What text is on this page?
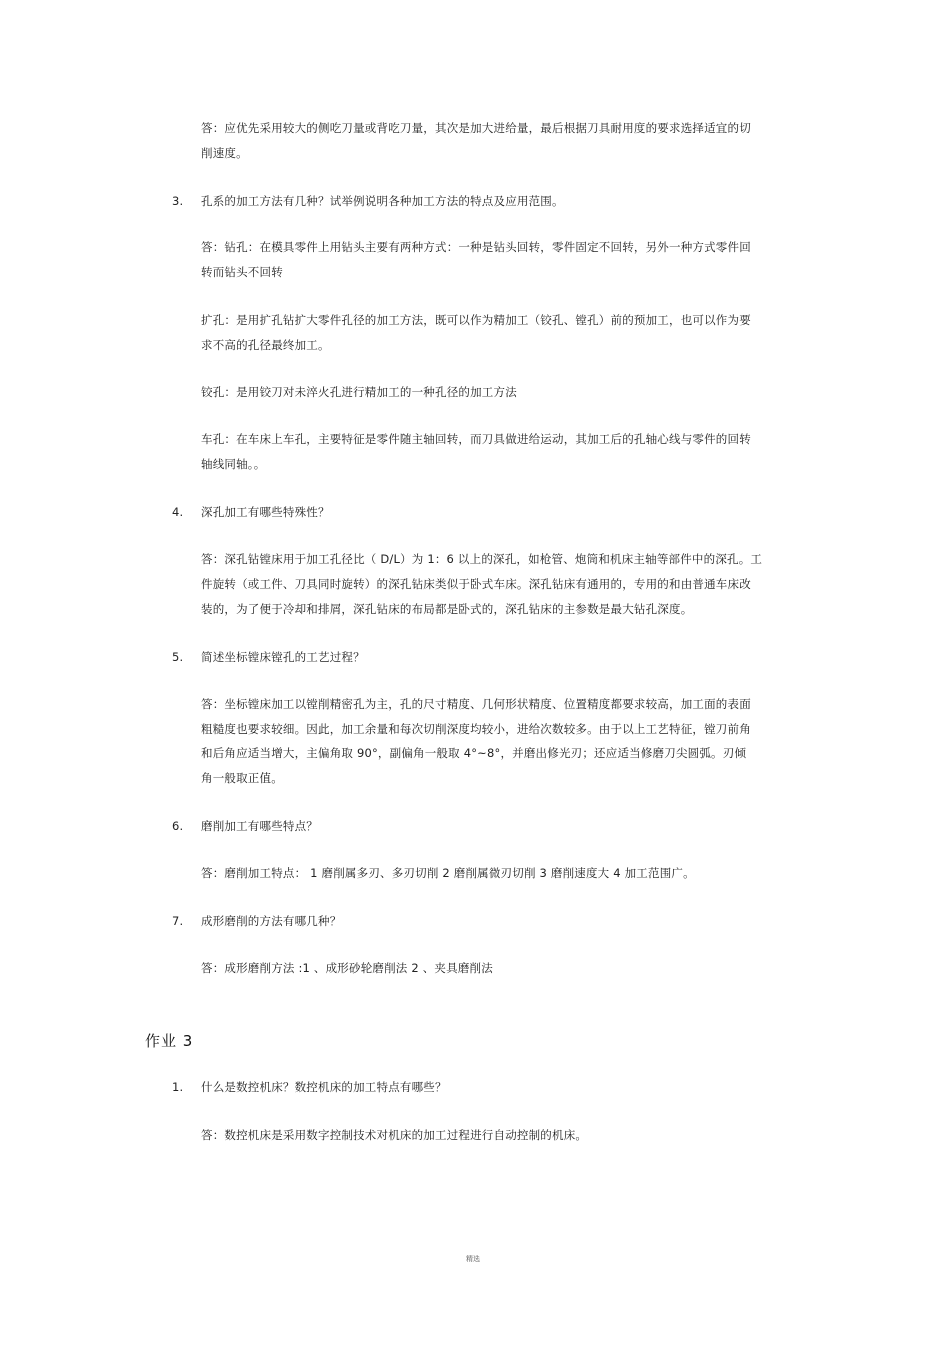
答：应优先采用较大的侧吃刀量或背吃刀量，其次是加大进给量，最后根据刀具耐用度的要求选择适宜的切
削速度。
3. 孔系的加工方法有几种？试举例说明各种加工方法的特点及应用范围。
答：钻孔：在模具零件上用钻头主要有两种方式：一种是钻头回转，零件固定不回转，另外一种方式零件回
转而钻头不回转
扩孔：是用扩孔钻扩大零件孔径的加工方法，既可以作为精加工（铰孔、镗孔）前的预加工，也可以作为要
求不高的孔径最终加工。
铰孔：是用铰刀对未淬火孔进行精加工的一种孔径的加工方法
车孔：在车床上车孔，主要特征是零件随主轴回转，而刀具做进给运动，其加工后的孔轴心线与零件的回转
轴线同轴。。
4. 深孔加工有哪些特殊性？
答：深孔钻镗床用于加工孔径比（ D/L）为 1：6 以上的深孔，如枪管、炮筒和机床主轴等部件中的深孔。工
件旋转（或工件、刀具同时旋转）的深孔钻床类似于卧式车床。深孔钻床有通用的，专用的和由普通车床改
装的，为了便于冷却和排屑，深孔钻床的布局都是卧式的，深孔钻床的主参数是最大钻孔深度。
5. 简述坐标镗床镗孔的工艺过程？
答：坐标镗床加工以镗削精密孔为主，孔的尺寸精度、几何形状精度、位置精度都要求较高，加工面的表面
粗糙度也要求较细。因此，加工余量和每次切削深度均较小，进给次数较多。由于以上工艺特征，镗刀前角
和后角应适当增大，主偏角取 90°，副偏角一般取 4°~8°，并磨出修光刃；还应适当修磨刀尖圆弧。刃倾
角一般取正值。
6. 磨削加工有哪些特点？
答：磨削加工特点： 1 磨削属多刃、多刃切削 2 磨削属微刃切削 3 磨削速度大 4 加工范围广。
7. 成形磨削的方法有哪几种？
答：成形磨削方法 :1 、成形砂轮磨削法 2 、夹具磨削法
作业 3
1. 什么是数控机床？数控机床的加工特点有哪些？
答：数控机床是采用数字控制技术对机床的加工过程进行自动控制的机床。
精选
